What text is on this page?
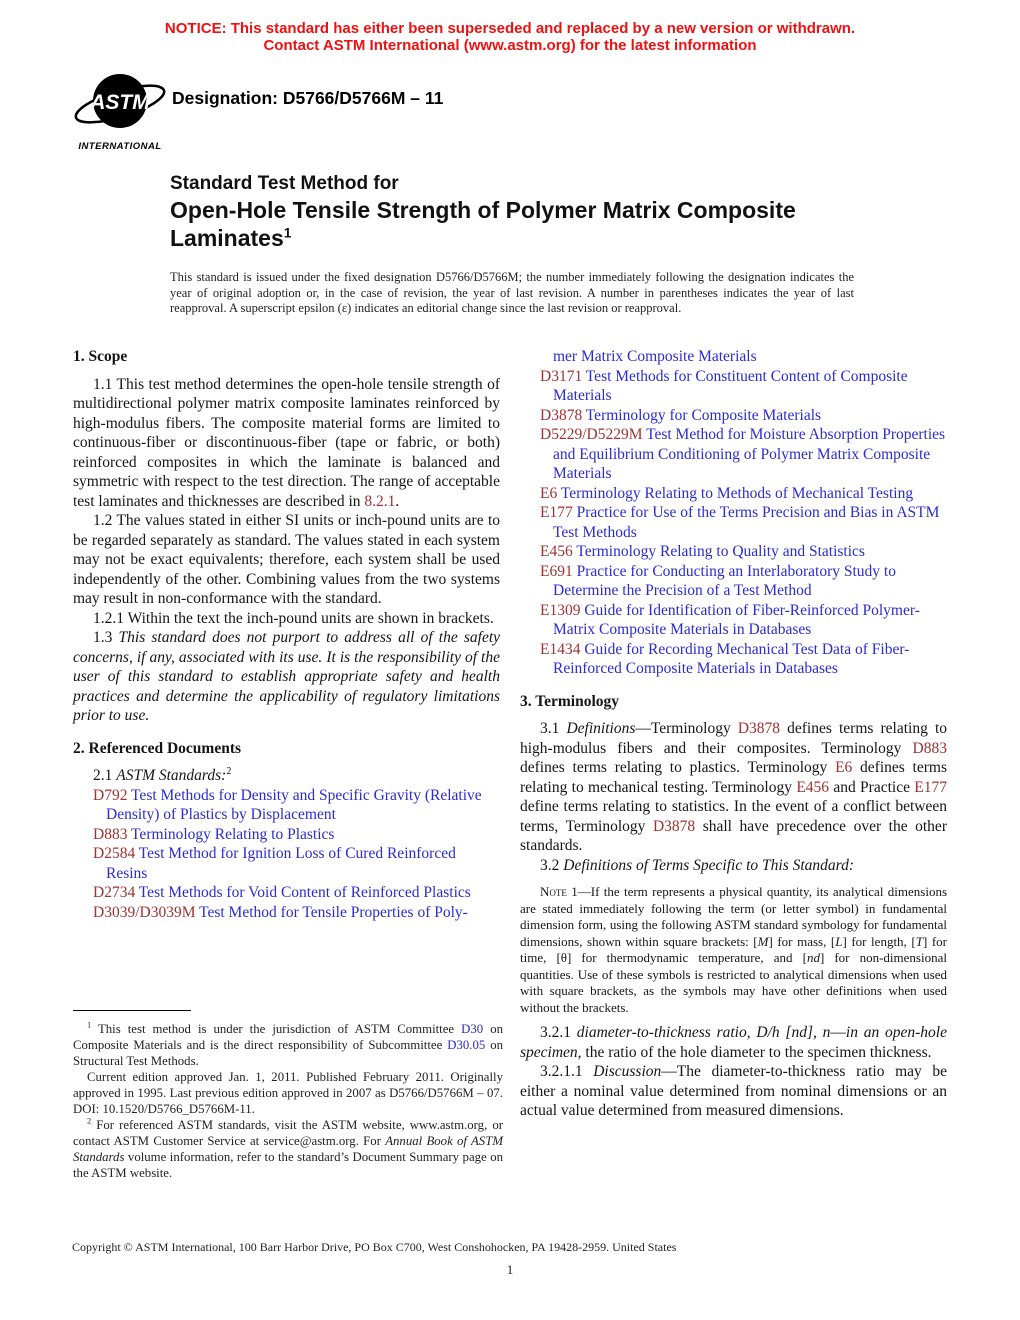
NOTICE: This standard has either been superseded and replaced by a new version or withdrawn.
Contact ASTM International (www.astm.org) for the latest information
ASTM
INTERNATIONAL
Designation: D5766/D5766M – 11
Standard Test Method for
Open-Hole Tensile Strength of Polymer Matrix Composite Laminates$^1$
This standard is issued under the fixed designation D5766/D5766M; the number immediately following the designation indicates the year of original adoption or, in the case of revision, the year of last revision. A number in parentheses indicates the year of last reapproval. A superscript epsilon (ε) indicates an editorial change since the last revision or reapproval.
1. Scope
1.1 This test method determines the open-hole tensile strength of multidirectional polymer matrix composite laminates reinforced by high-modulus fibers. The composite material forms are limited to continuous-fiber or discontinuous-fiber (tape or fabric, or both) reinforced composites in which the laminate is balanced and symmetric with respect to the test direction. The range of acceptable test laminates and thicknesses are described in 8.2.1.
1.2 The values stated in either SI units or inch-pound units are to be regarded separately as standard. The values stated in each system may not be exact equivalents; therefore, each system shall be used independently of the other. Combining values from the two systems may result in non-conformance with the standard.
1.2.1 Within the text the inch-pound units are shown in brackets.
1.3 This standard does not purport to address all of the safety concerns, if any, associated with its use. It is the responsibility of the user of this standard to establish appropriate safety and health practices and determine the applicability of regulatory limitations prior to use.
2. Referenced Documents
2.1 ASTM Standards:$^2$
D792 Test Methods for Density and Specific Gravity (Relative Density) of Plastics by Displacement
D883 Terminology Relating to Plastics
D2584 Test Method for Ignition Loss of Cured Reinforced Resins
D2734 Test Methods for Void Content of Reinforced Plastics
D3039/D3039M Test Method for Tensile Properties of Poly-
mer Matrix Composite Materials
D3171 Test Methods for Constituent Content of Composite Materials
D3878 Terminology for Composite Materials
D5229/D5229M Test Method for Moisture Absorption Properties and Equilibrium Conditioning of Polymer Matrix Composite Materials
E6 Terminology Relating to Methods of Mechanical Testing
E177 Practice for Use of the Terms Precision and Bias in ASTM Test Methods
E456 Terminology Relating to Quality and Statistics
E691 Practice for Conducting an Interlaboratory Study to Determine the Precision of a Test Method
E1309 Guide for Identification of Fiber-Reinforced Polymer-Matrix Composite Materials in Databases
E1434 Guide for Recording Mechanical Test Data of Fiber-Reinforced Composite Materials in Databases
3. Terminology
3.1 Definitions—Terminology D3878 defines terms relating to high-modulus fibers and their composites. Terminology D883 defines terms relating to plastics. Terminology E6 defines terms relating to mechanical testing. Terminology E456 and Practice E177 define terms relating to statistics. In the event of a conflict between terms, Terminology D3878 shall have precedence over the other standards.
3.2 Definitions of Terms Specific to This Standard:
Note 1—If the term represents a physical quantity, its analytical dimensions are stated immediately following the term (or letter symbol) in fundamental dimension form, using the following ASTM standard symbology for fundamental dimensions, shown within square brackets: [M] for mass, [L] for length, [T] for time, [θ] for thermodynamic temperature, and [nd] for non-dimensional quantities. Use of these symbols is restricted to analytical dimensions when used with square brackets, as the symbols may have other definitions when used without the brackets.
3.2.1 diameter-to-thickness ratio, D/h [nd], n—in an open-hole specimen, the ratio of the hole diameter to the specimen thickness.
3.2.1.1 Discussion—The diameter-to-thickness ratio may be either a nominal value determined from nominal dimensions or an actual value determined from measured dimensions.
$^1$ This test method is under the jurisdiction of ASTM Committee D30 on Composite Materials and is the direct responsibility of Subcommittee D30.05 on Structural Test Methods.
Current edition approved Jan. 1, 2011. Published February 2011. Originally approved in 1995. Last previous edition approved in 2007 as D5766/D5766M – 07. DOI: 10.1520/D5766_D5766M-11.
$^2$ For referenced ASTM standards, visit the ASTM website, www.astm.org, or contact ASTM Customer Service at service@astm.org. For Annual Book of ASTM Standards volume information, refer to the standard’s Document Summary page on the ASTM website.
Copyright © ASTM International, 100 Barr Harbor Drive, PO Box C700, West Conshohocken, PA 19428-2959. United States
1
